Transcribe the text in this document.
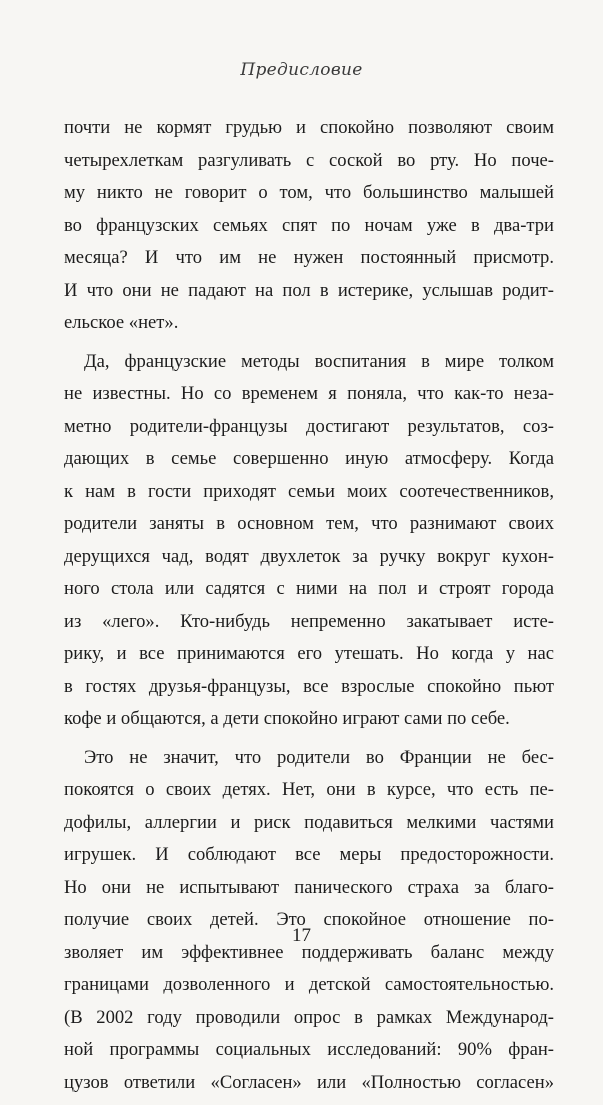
Предисловие
почти не кормят грудью и спокойно позволяют своим
четырехлеткам разгуливать с соской во рту. Но поче-
му никто не говорит о том, что большинство малышей
во французских семьях спят по ночам уже в два-три
месяца? И что им не нужен постоянный присмотр.
И что они не падают на пол в истерике, услышав родит-
ельское «нет».
Да, французские методы воспитания в мире толком
не известны. Но со временем я поняла, что как-то неза-
метно родители-французы достигают результатов, соз-
дающих в семье совершенно иную атмосферу. Когда
к нам в гости приходят семьи моих соотечественников,
родители заняты в основном тем, что разнимают своих
дерущихся чад, водят двухлеток за ручку вокруг кухон-
ного стола или садятся с ними на пол и строят города
из «лего». Кто-нибудь непременно закатывает исте-
рику, и все принимаются его утешать. Но когда у нас
в гостях друзья-французы, все взрослые спокойно пьют
кофе и общаются, а дети спокойно играют сами по себе.
Это не значит, что родители во Франции не бес-
покоятся о своих детях. Нет, они в курсе, что есть пе-
дофилы, аллергии и риск подавиться мелкими частями
игрушек. И соблюдают все меры предосторожности.
Но они не испытывают панического страха за благо-
получие своих детей. Это спокойное отношение по-
зволяет им эффективнее поддерживать баланс между
границами дозволенного и детской самостоятельностью.
(В 2002 году проводили опрос в рамках Международ-
ной программы социальных исследований: 90% фран-
цузов ответили «Согласен» или «Полностью согласен»
17
